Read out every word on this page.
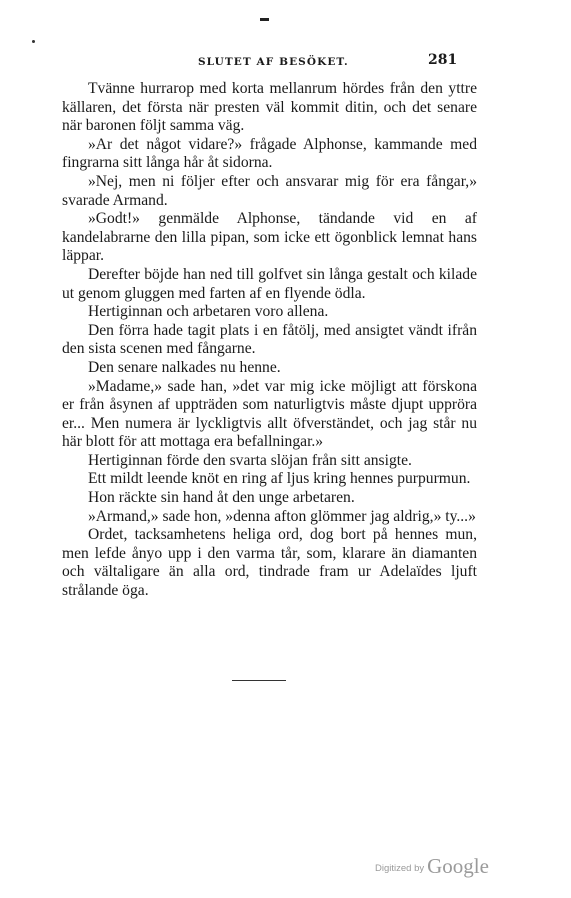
SLUTET AF BESÖKET.	281

Tvänne hurrarop med korta mellanrum hördes från den yttre källaren, det första när presten väl kommit ditin, och det senare när baronen följt samma väg.

»Ar det något vidare?» frågade Alphonse, kammande med fingrarna sitt långa hår åt sidorna.

»Nej, men ni följer efter och ansvarar mig för era fångar,» svarade Armand.

»Godt!» genmälde Alphonse, tändande vid en af kandelabrarne den lilla pipan, som icke ett ögonblick lemnat hans läppar.

Derefter böjde han ned till golfvet sin långa gestalt och kilade ut genom gluggen med farten af en flyende ödla.

Hertiginnan och arbetaren voro allena.

Den förra hade tagit plats i en fåtölj, med ansigtet vändt ifrån den sista scenen med fångarne.

Den senare nalkades nu henne.

»Madame,» sade han, »det var mig icke möjligt att förskona er från åsynen af uppträden som naturligtvis måste djupt uppröra er... Men numera är lyckligtvis allt öfverständet, och jag står nu här blott för att mottaga era befallningar.»

Hertiginnan förde den svarta slöjan från sitt ansigte.

Ett mildt leende knöt en ring af ljus kring hennes purpurmun.

Hon räckte sin hand åt den unge arbetaren.

»Armand,» sade hon, »denna afton glömmer jag aldrig,» ty...»

Ordet, tacksamhetens heliga ord, dog bort på hennes mun, men lefde ånyo upp i den varma tår, som, klarare än diamanten och vältaligare än alla ord, tindrade fram ur Adelaïdes ljuft strålande öga.

Digitized by Google
